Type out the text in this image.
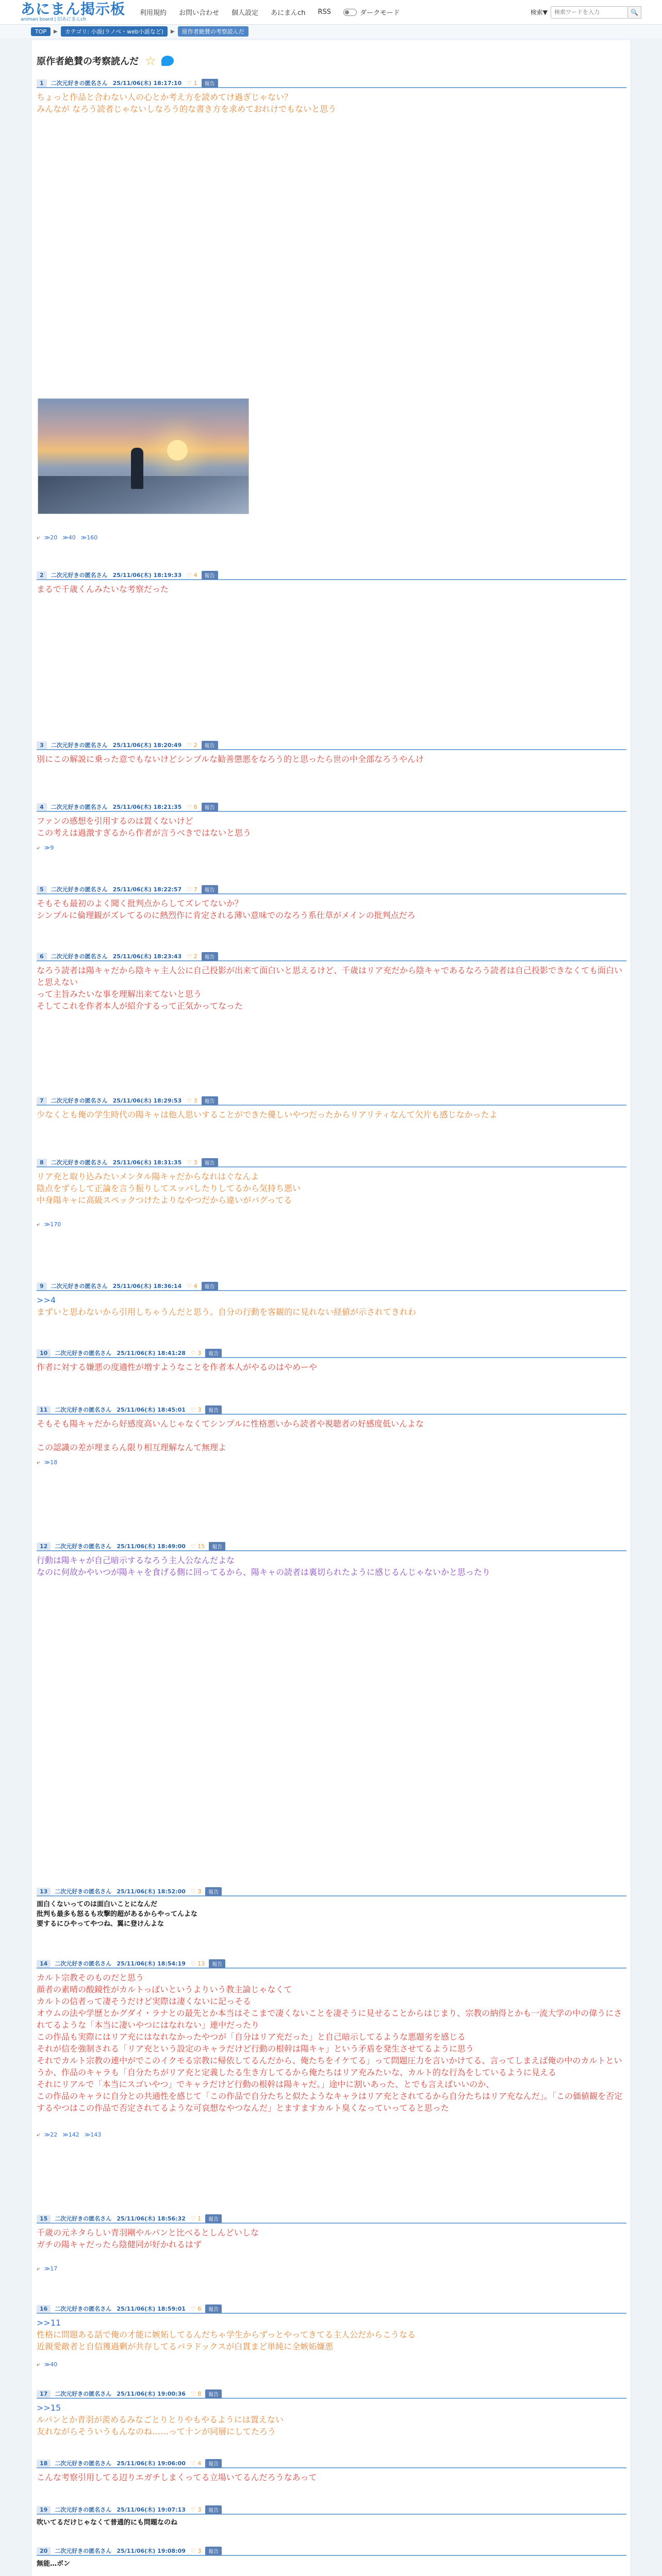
あにまん掲示板
animan board | 旧あにまんch
利用規約 お問い合わせ 個人設定 あにまんch RSS	ダークモード	検索▼
検索ワードを入力	🔍
TOP	▶	カテゴリ: 小説(ラノベ・web小説など)	▶	原作者絶賛の考察読んだ
原作者絶賛の考察読んだ ☆
1	二次元好きの匿名さん 25/11/06(木) 18:17:10 ♡ 1	報告
ちょっと作品と合わない人の心とか考え方を読めてけ過ぎじゃない？
みんなが なろう読者じゃないしなろう的な書き方を求めておれけでもないと思う
⤶ ≫20 ≫40 ≫160
2	二次元好きの匿名さん 25/11/06(木) 18:19:33 ♡ 4	報告
まるで千歳くんみたいな考察だった
3	二次元好きの匿名さん 25/11/06(木) 18:20:49 ♡ 2	報告
別にこの解説に乗った意でもないけどシンプルな勧善懲悪をなろう的と思ったら世の中全部なろうやんけ
4	二次元好きの匿名さん 25/11/06(木) 18:21:35 ♡ 6	報告
ファンの感想を引用するのは置くないけど
この考えは過激すぎるから作者が言うべきではないと思う
⤶ ≫9
5	二次元好きの匿名さん 25/11/06(木) 18:22:57 ♡ 7	報告
そもそも最初のよく聞く批判点からしてズレてないか？
シンプルに倫理観がズレてるのに熱烈作に肯定される薄い意味でのなろう系仕草がメインの批判点だろ
6	二次元好きの匿名さん 25/11/06(木) 18:23:43 ♡ 2	報告
なろう読者は陽キャだから陰キャ主人公に自己投影が出来て面白いと思えるけど、千歳はリア充だから陰キャであるなろう読者は自己投影できなくても面白いと思えない
って主旨みたいな事を理解出来てないと思う
そしてこれを作者本人が紹介するって正気かってなった
7	二次元好きの匿名さん 25/11/06(木) 18:29:53 ♡ 3	報告
少なくとも俺の学生時代の陽キャは他人思いすることができた優しいやつだったからリアリティなんて欠片も感じなかったよ
8	二次元好きの匿名さん 25/11/06(木) 18:31:35 ♡ 3	報告
リア充と取り込みたいメンタル陽キャだからなれはぐなんよ
陰点をずらして正論を言う振りしてスッパしたりしてるから気持ち悪い
中身陽キャに高級スペックつけたよりなやつだから違いがバグってる
⤶ ≫170
9	二次元好きの匿名さん 25/11/06(木) 18:36:14 ♡ 4	報告
>>4
まずいと思わないから引用しちゃうんだと思う。自分の行動を客観的に見れない経値が示されてきれわ
10	二次元好きの匿名さん 25/11/06(木) 18:41:28 ♡ 3	報告
作者に対する嫌悪の度適性が増すようなことを作者本人がやるのはやめーや
11	二次元好きの匿名さん 25/11/06(木) 18:45:01 ♡ 3	報告
そもそも陽キャだから好感度高いんじゃなくてシンプルに性格悪いから読者や視聴者の好感度低いんよな
この認識の差が埋まらん限り相互理解なんて無理よ
⤶ ≫18
12	二次元好きの匿名さん 25/11/06(木) 18:49:00 ♡ 15	報告
行動は陽キャが自己暗示するなろう主人公なんだよな
なのに何故かやいつが陽キャを食げる側に回ってるから、陽キャの読者は裏切られたように感じるんじゃないかと思ったり
13	二次元好きの匿名さん 25/11/06(木) 18:52:00 ♡ 3	報告
面白くないってのは面白いことになんだ
批判も最多も怒るも攻撃的超があるからやってんよな
要するにひやってやつね、翼に登けんよな
14	二次元好きの匿名さん 25/11/06(木) 18:54:19 ♡ 13	報告
カルト宗教そのものだと思う
顔者の素晴の酸鏡性がカルトっぽいというよりいう教主論じゃなくて
カルトの信者って凄そうだけど実際は凄くないに記っそる
オウムの法や学歴とかグダイ・ラナとの最先とか本当はそこまで凄くないことを凄そうに見せることからはじまり、宗教の納得とかも一流大学の中の偉うにされてるような「本当に凄いやつにはなれない」連中だったり
この作品も実際にはリア充にはなれなかったやつが「自分はリア充だった」と自己暗示してるような悪題劣を感じる
それが信を強制される「リア充という設定のキャラだけど行動の根幹は陽キャ」という矛盾を発生させてるように思う
それでカルト宗教の連中がでこのイクモる宗教に帰依してるんだから、俺たちをイケてる」って問題圧力を言いかけてる、言ってしまえば俺の中のカルトというか、作品のキャラも「自分たちがリア充と定義したる生き方してるから俺たちはリア充みたいな、カルト的な行為をしているように見える
それにリアルで「本当にスゴいやつ」でキャラだけど行動の根幹は陽キャだ。」途中に割いあった、とでも言えばいいのか、
この作品のキャラに自分との共通性を感じて「この作品で自分たちと似たようなキャラはリア充とされてるから自分たちはリア充なんだ」。「この価値観を否定するやつはこの作品で否定されてるような可哀想なやつなんだ」とますますカルト臭くなっていってると思った
⤶ ≫22 ≫142 ≫143
15	二次元好きの匿名さん 25/11/06(木) 18:56:32 ♡ 1	報告
千歳の元ネタらしい青羽剛やルパンと比べるとしんどいしな
ガチの陽キャだったら陰健同が好かれるはず
⤶ ≫17
16	二次元好きの匿名さん 25/11/06(木) 18:59:01 ♡ 6	報告
>>11
性格に問題ある話で俺の才能に嫉妬してるんだちゃ学生からずっとやってきてる主人公だからこうなる
近親愛敵者と自信獲過剰が共存してるパラドックスが白貫まど単純に全嫉妬嫌悪
⤶ ≫40
17	二次元好きの匿名さん 25/11/06(木) 19:00:36 ♡ 8	報告
>>15
ルパンとか青羽が羨めるみなごとりとりやもやるようには置えない
友れながらそういうもんなのね……って十ンが同層にしてたろう
18	二次元好きの匿名さん 25/11/06(木) 19:06:00 ♡ 4	報告
こんな考察引用してる辺りエガチしまくってる立場いてるんだろうなあって
19	二次元好きの匿名さん 25/11/06(木) 19:07:13 ♡ 3	報告
吹いてるだけじゃなくて普通的にも問題なのね
20	二次元好きの匿名さん 25/11/06(木) 19:08:09 ♡ 3	報告
無能…ボン
